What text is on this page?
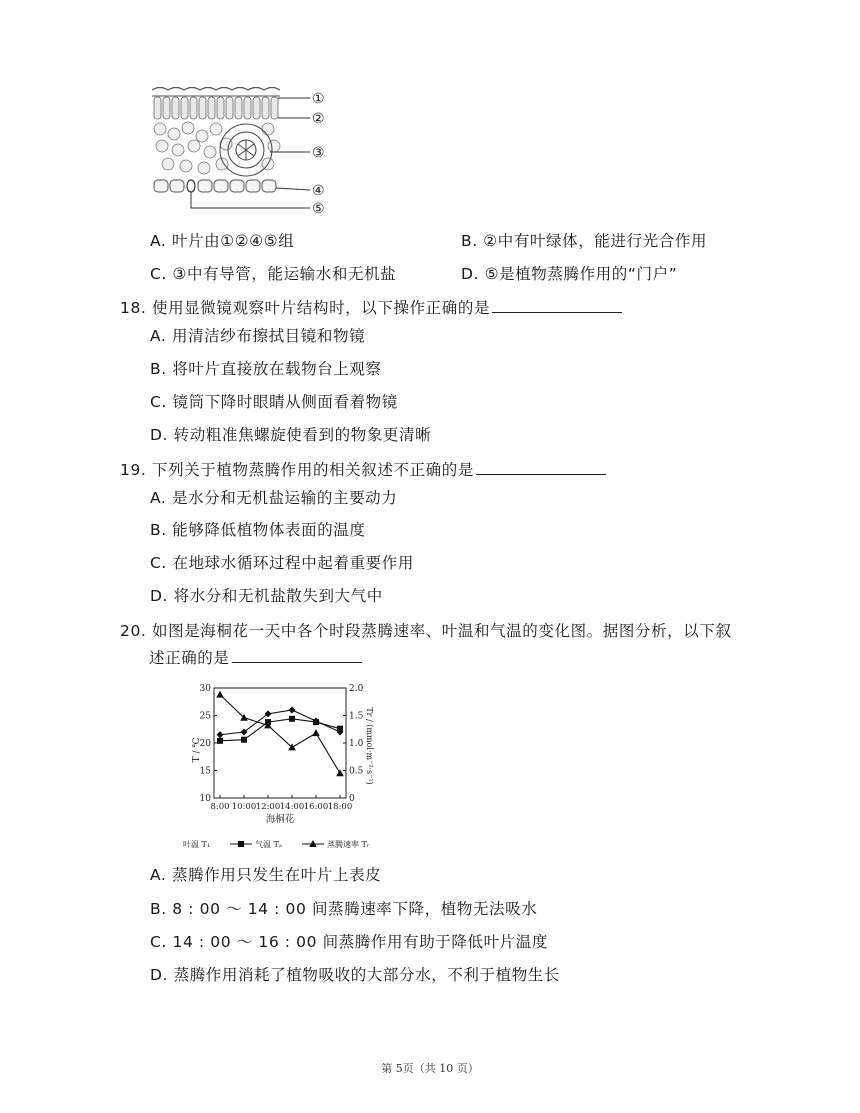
①
②
③
④
⑤
A. 叶片由①②④⑤组	B. ②中有叶绿体，能进行光合作用
C. ③中有导管，能运输水和无机盐	D. ⑤是植物蒸腾作用的“门户”
18. 使用显微镜观察叶片结构时，以下操作正确的是
A. 用清洁纱布擦拭目镜和物镜
B. 将叶片直接放在载物台上观察
C. 镜筒下降时眼睛从侧面看着物镜
D. 转动粗准焦螺旋使看到的物象更清晰
19. 下列关于植物蒸腾作用的相关叙述不正确的是
A. 是水分和无机盐运输的主要动力
B. 能够降低植物体表面的温度
C. 在地球水循环过程中起着重要作用
D. 将水分和无机盐散失到大气中
20. 如图是海桐花一天中各个时段蒸腾速率、叶温和气温的变化图。据图分析，以下叙
述正确的是
10
15
20
25
30
0
0.5
1.0
1.5
2.0
8:00 10:00 12:00 14:00 16:00 18:00
T / ℃	Tr / (mmol·m⁻²·s⁻¹)
海桐花
叶温 T₁	气温 Tₐ	蒸腾速率 Tᵣ
A. 蒸腾作用只发生在叶片上表皮
B. 8 : 00 ～ 14 : 00 间蒸腾速率下降，植物无法吸水
C. 14 : 00 ～ 16 : 00 间蒸腾作用有助于降低叶片温度
D. 蒸腾作用消耗了植物吸收的大部分水，不利于植物生长
第 5页（共 10 页）
